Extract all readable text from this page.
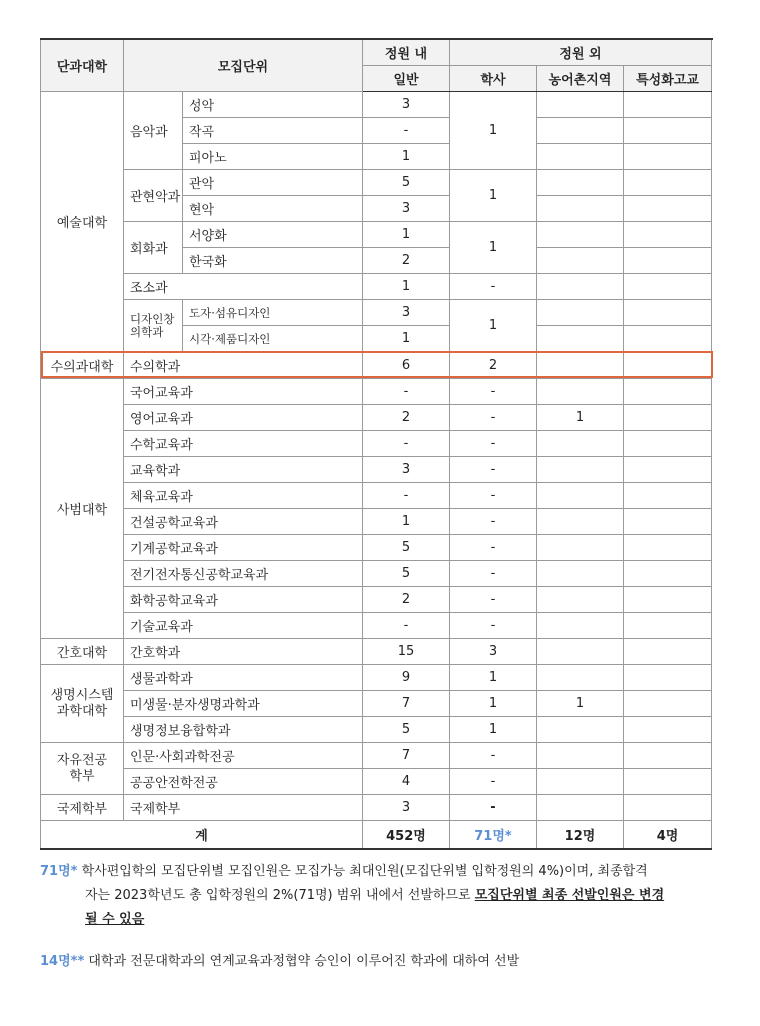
단과대학	모집단위		정원 내	정원 외			
			일반	학사	농어촌지역	특성화고교	
예술대학	음악과	성악	3	1			
		작곡	-				
		피아노	1				
	관현악과	관악	5	1			
		현악	3				
	회화과	서양화	1	1			
		한국화	2				
	조소과		1	-			
	디자인창의학과	도자·섬유디자인	3	1			
		시각·제품디자인	1				
수의과대학	수의학과		6	2			
사범대학	국어교육과		-	-			
	영어교육과		2	-	1		
	수학교육과		-	-			
	교육학과		3	-			
	체육교육과		-	-			
	건설공학교육과		1	-			
	기계공학교육과		5	-			
	전기전자통신공학교육과		5	-			
	화학공학교육과		2	-			
	기술교육과		-	-			
간호대학	간호학과		15	3			
생명시스템
과학대학	생물과학과		9	1			
	미생물·분자생명과학과		7	1	1		
	생명정보융합학과		5	1			
자유전공
학부	인문·사회과학전공		7	-			
	공공안전학전공		4	-			
국제학부	국제학부		3	-			
계			452명	71명*	12명	4명	
71명* 학사편입학의 모집단위별 모집인원은 모집가능 최대인원(모집단위별 입학정원의 4%)이며, 최종합격
자는 2023학년도 총 입학정원의 2%(71명) 범위 내에서 선발하므로 모집단위별 최종 선발인원은 변경
될 수 있음
14명** 대학과 전문대학과의 연계교육과정협약 승인이 이루어진 학과에 대하여 선발
